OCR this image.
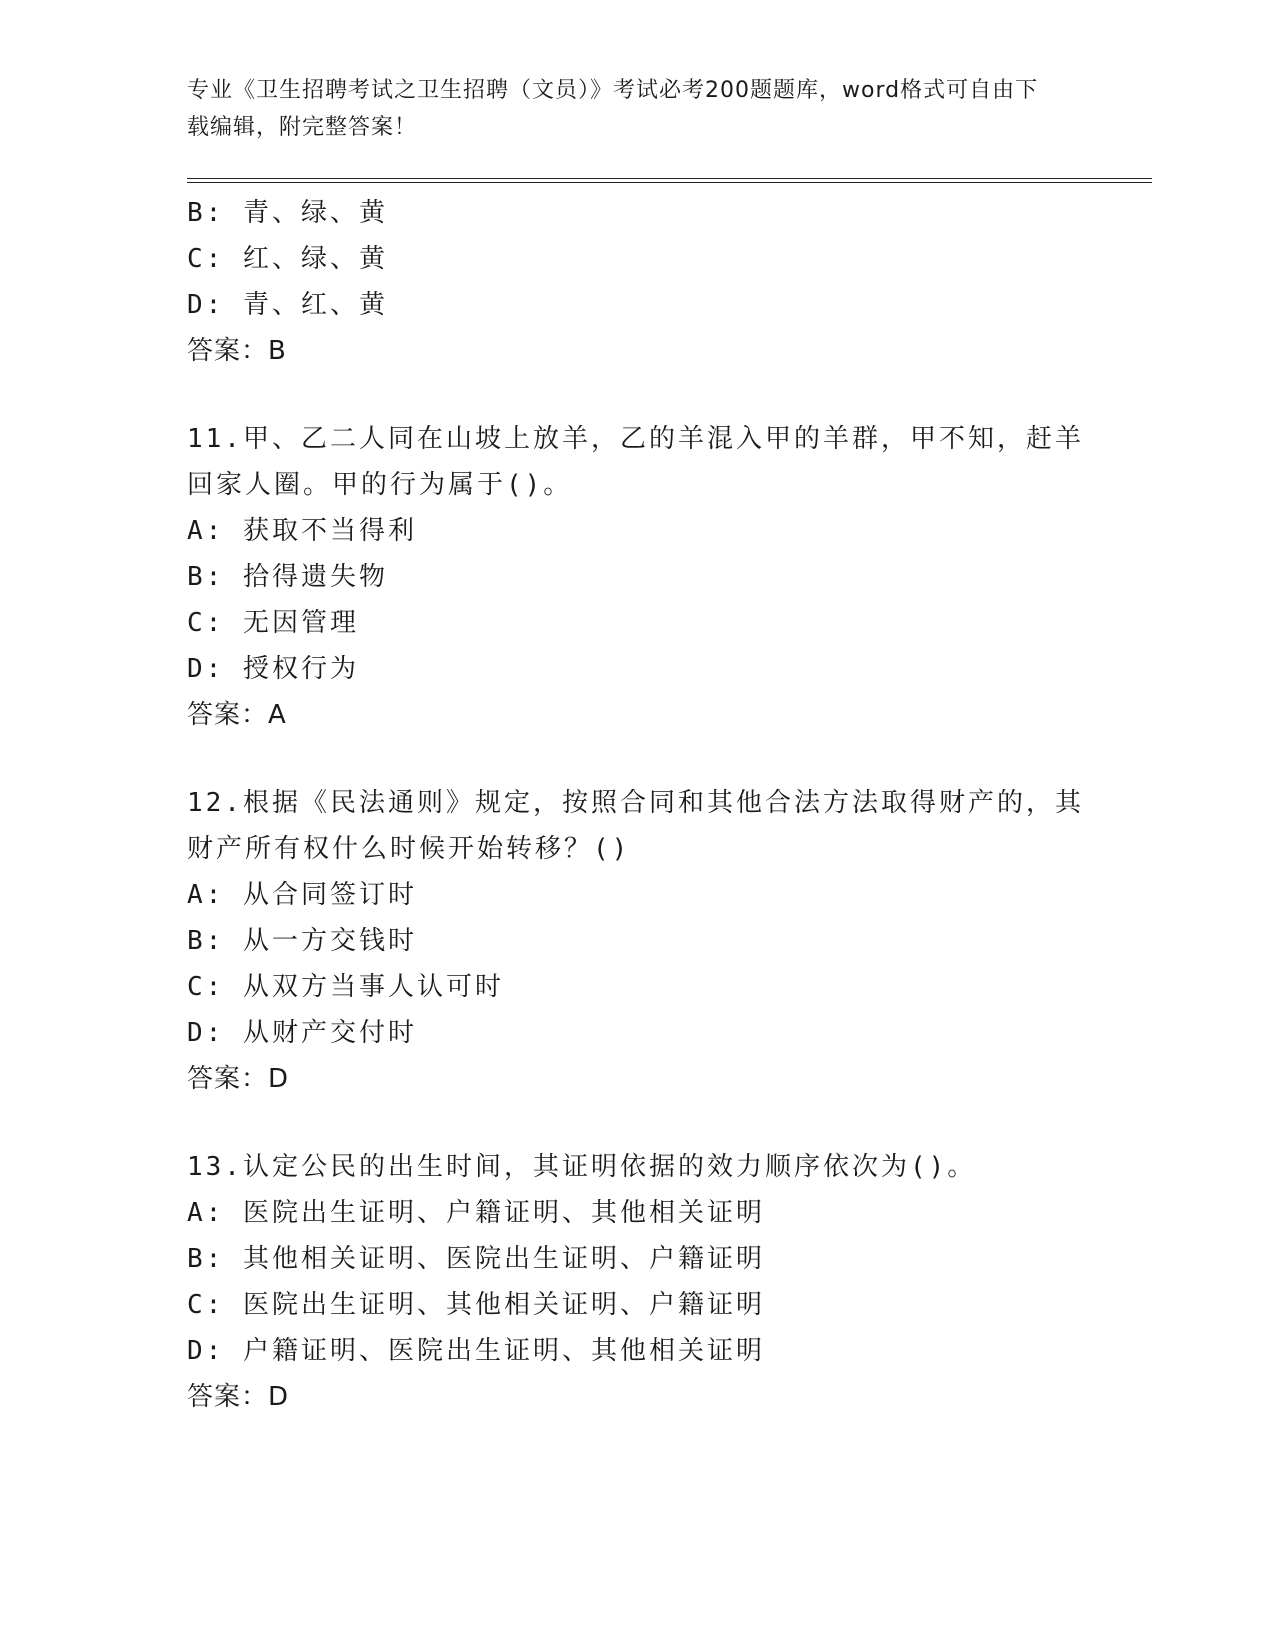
专业《卫生招聘考试之卫生招聘（文员）》考试必考200题题库，word格式可自由下载编辑，附完整答案！
B: 青、绿、黄
C: 红、绿、黄
D: 青、红、黄
答案：B
11.甲、乙二人同在山坡上放羊，乙的羊混入甲的羊群，甲不知，赶羊回家人圈。甲的行为属于()。
A: 获取不当得利
B: 拾得遗失物
C: 无因管理
D: 授权行为
答案：A
12.根据《民法通则》规定，按照合同和其他合法方法取得财产的，其财产所有权什么时候开始转移？()
A: 从合同签订时
B: 从一方交钱时
C: 从双方当事人认可时
D: 从财产交付时
答案：D
13.认定公民的出生时间，其证明依据的效力顺序依次为()。
A: 医院出生证明、户籍证明、其他相关证明
B: 其他相关证明、医院出生证明、户籍证明
C: 医院出生证明、其他相关证明、户籍证明
D: 户籍证明、医院出生证明、其他相关证明
答案：D
